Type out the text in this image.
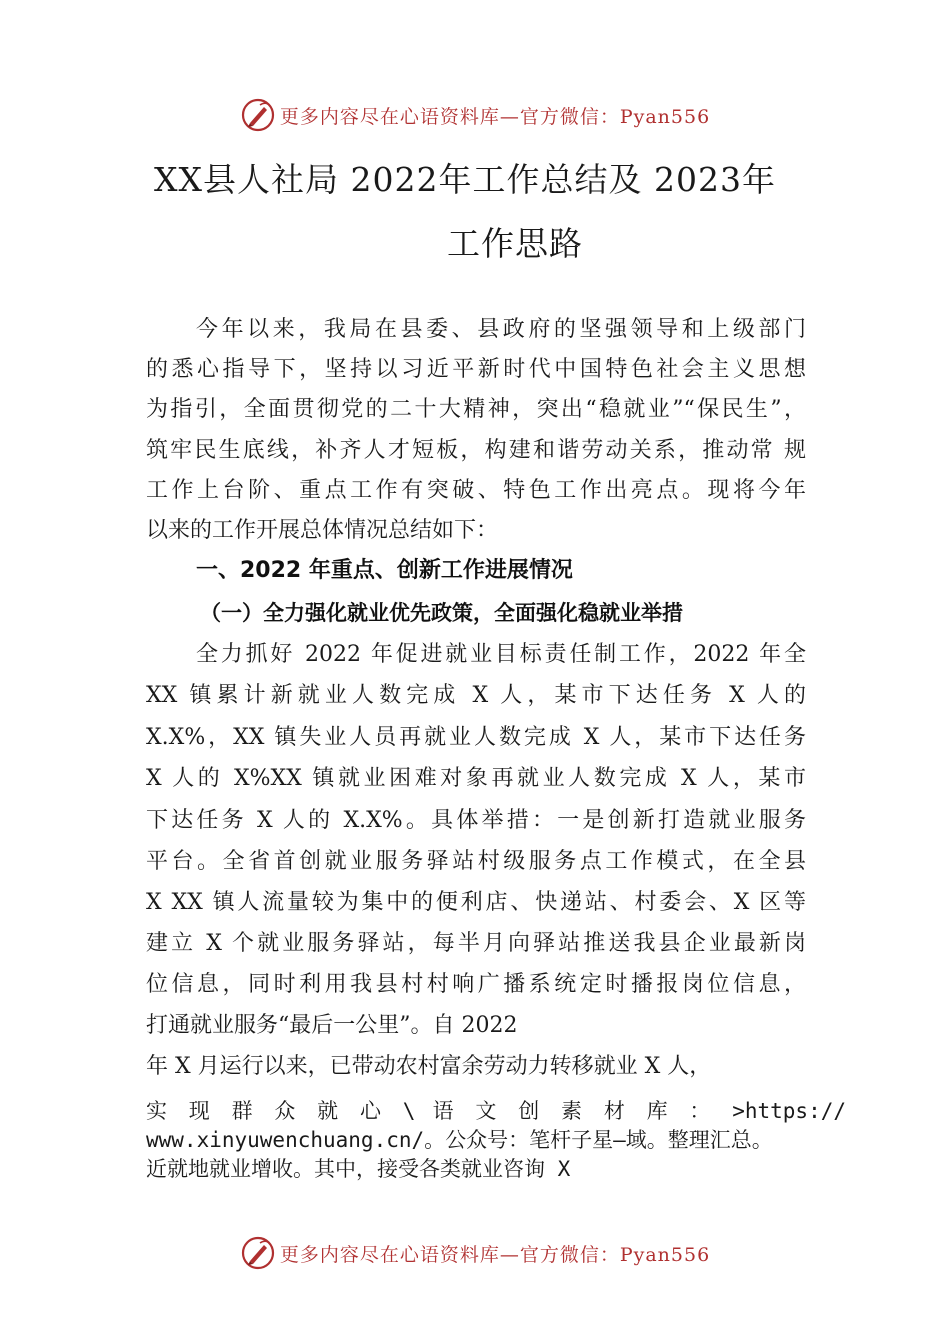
更多内容尽在心语资料库—官方微信：Pyan556
XX县人社局 2022年工作总结及 2023年
工作思路
今年以来，我局在县委、县政府的坚强领导和上级部门
的悉心指导下，坚持以习近平新时代中国特色社会主义思想
为指引，全面贯彻党的二十大精神，突出“稳就业”“保民生”，
筑牢民生底线，补齐人才短板，构建和谐劳动关系，推动常 规
工作上台阶、重点工作有突破、特色工作出亮点。现将今年
以来的工作开展总体情况总结如下：
一、2022 年重点、创新工作进展情况
（一）全力强化就业优先政策，全面强化稳就业举措
全力抓好 2022 年促进就业目标责任制工作，2022 年全
XX 镇累计新就业人数完成 X 人，某市下达任务 X 人的
X.X%，XX 镇失业人员再就业人数完成 X 人，某市下达任务
X 人的 X%XX 镇就业困难对象再就业人数完成 X 人，某市
下达任务 X 人的 X.X%。具体举措：一是创新打造就业服务
平台。全省首创就业服务驿站村级服务点工作模式，在全县
X XX 镇人流量较为集中的便利店、快递站、村委会、X 区等
建立 X 个就业服务驿站，每半月向驿站推送我县企业最新岗
位信息，同时利用我县村村响广播系统定时播报岗位信息，
打通就业服务“最后一公里”。自 2022
年 X 月运行以来，已带动农村富余劳动力转移就业 X 人，
实 现 群 众 就 心 \ 语 文 创 素 材 库 ： >https://
www.xinyuwenchuang.cn/。公众号：笔杆子星—域。整理汇总。
近就地就业增收。其中，接受各类就业咨询 X
更多内容尽在心语资料库—官方微信：Pyan556
